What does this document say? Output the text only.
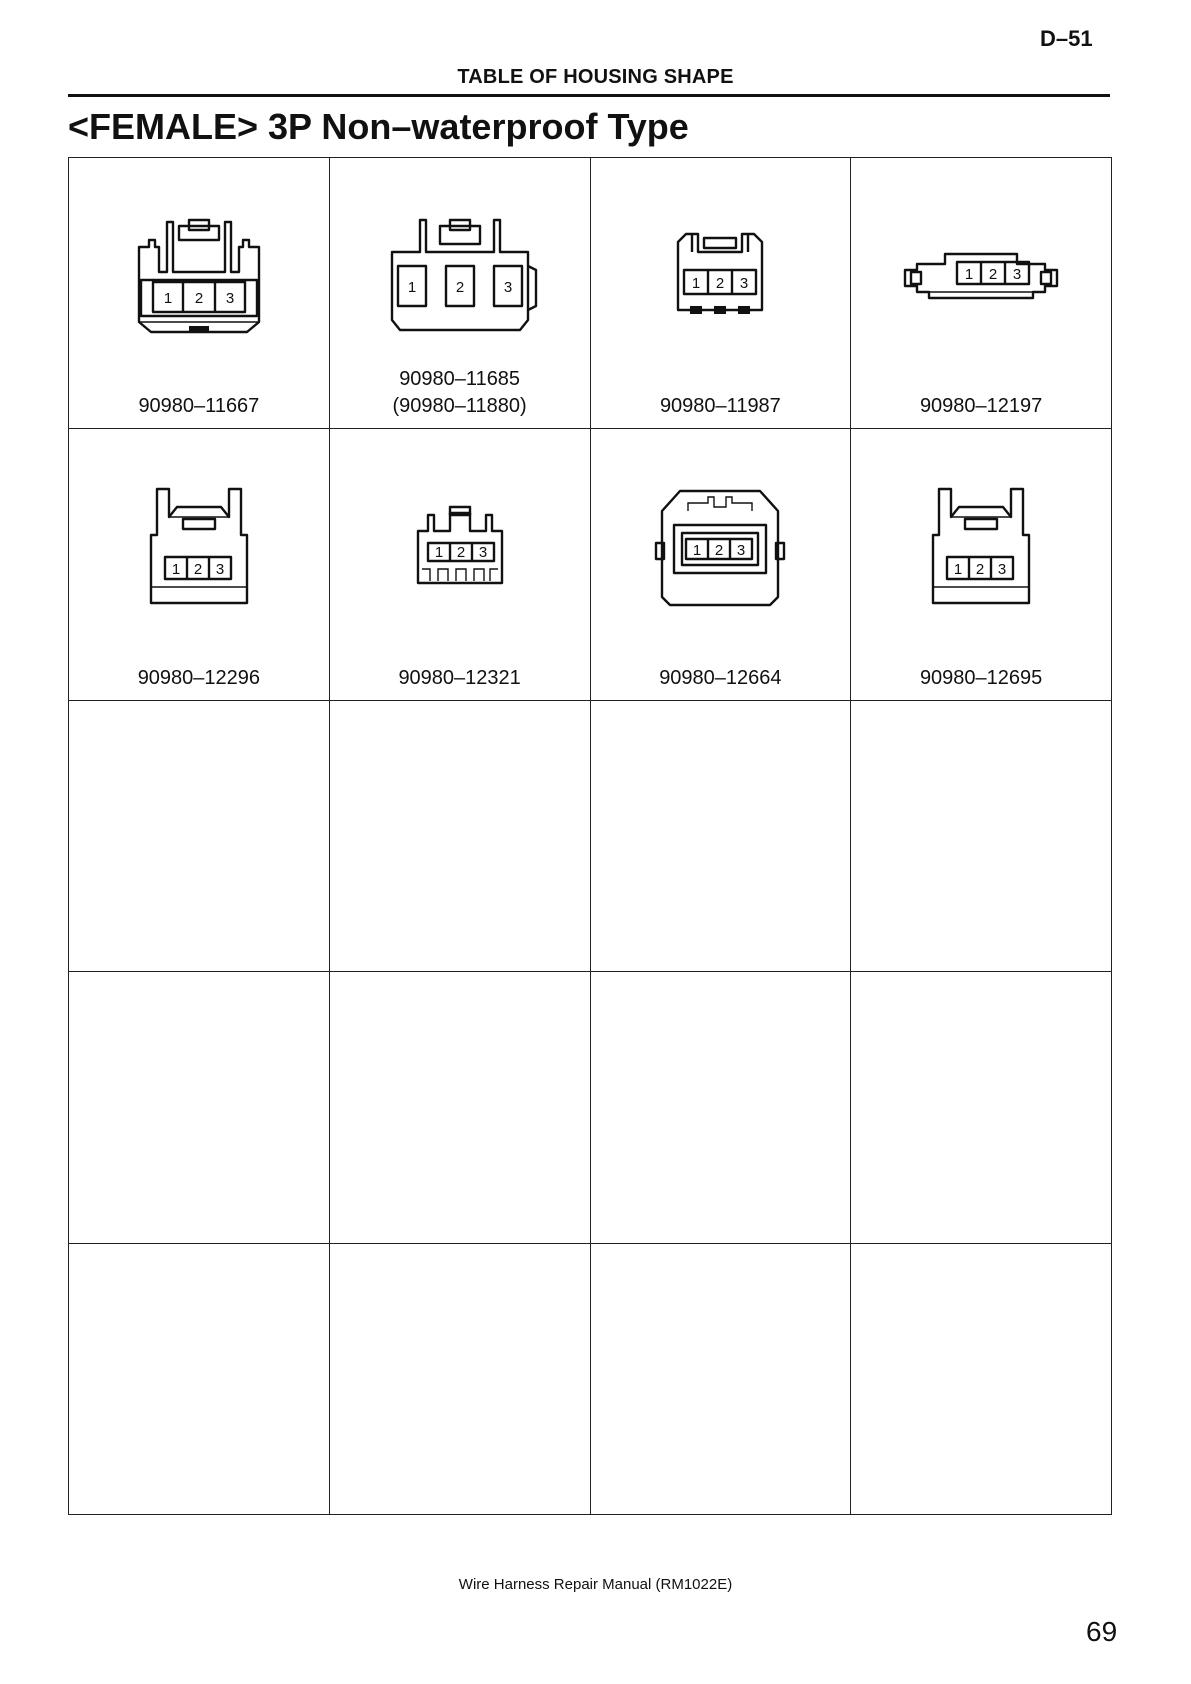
D–51
TABLE OF HOUSING SHAPE
<FEMALE> 3P Non–waterproof Type
1 2 3
90980–11667
1	2	3
90980–11685
(90980–11880)
1 2 3
90980–11987
1 2 3
90980–12197
1 2 3
90980–12296
1 2 3
90980–12321
1 2 3
90980–12664
1 2 3
90980–12695
Wire Harness Repair Manual (RM1022E)
69
